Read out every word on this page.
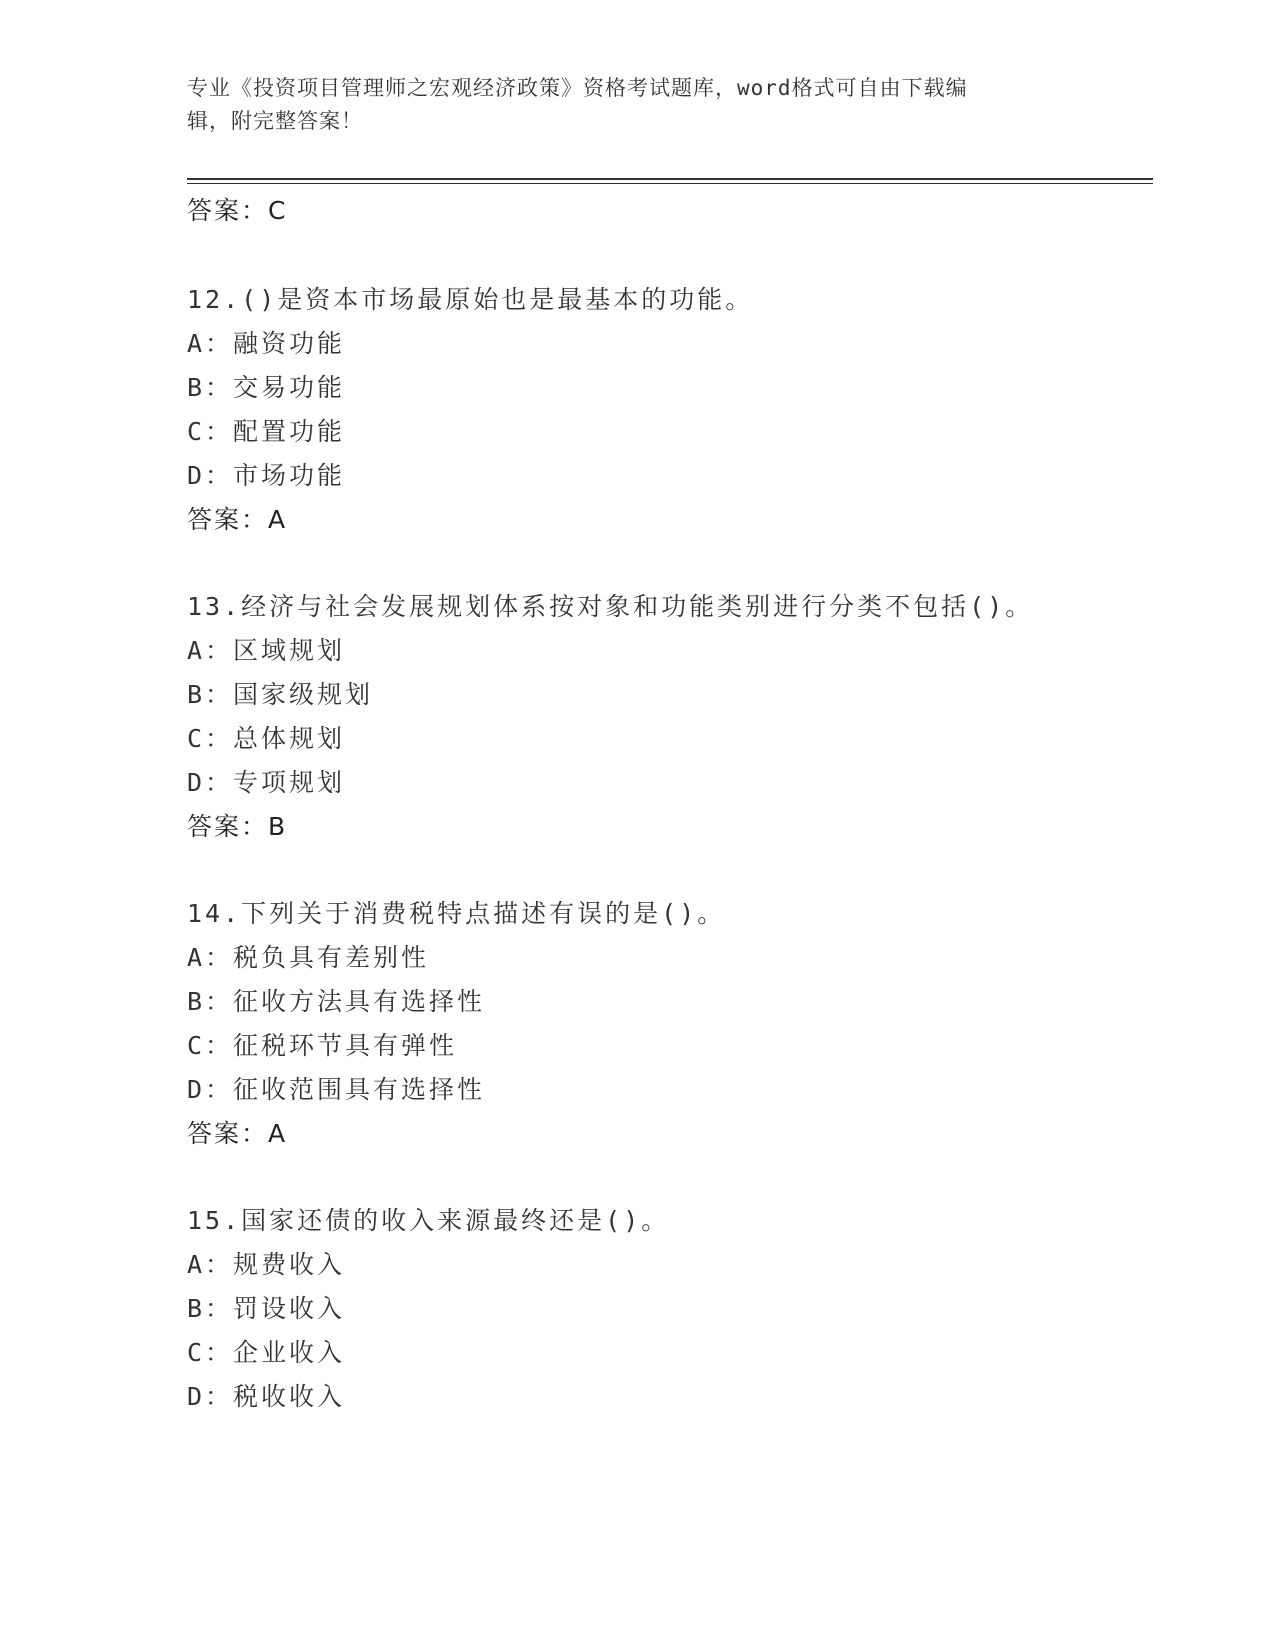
专业《投资项目管理师之宏观经济政策》资格考试题库，word格式可自由下载编
辑，附完整答案！
答案：C
12.()是资本市场最原始也是最基本的功能。
A：融资功能
B：交易功能
C：配置功能
D：市场功能
答案：A
13.经济与社会发展规划体系按对象和功能类别进行分类不包括()。
A：区域规划
B：国家级规划
C：总体规划
D：专项规划
答案：B
14.下列关于消费税特点描述有误的是()。
A：税负具有差别性
B：征收方法具有选择性
C：征税环节具有弹性
D：征收范围具有选择性
答案：A
15.国家还债的收入来源最终还是()。
A：规费收入
B：罚设收入
C：企业收入
D：税收收入
